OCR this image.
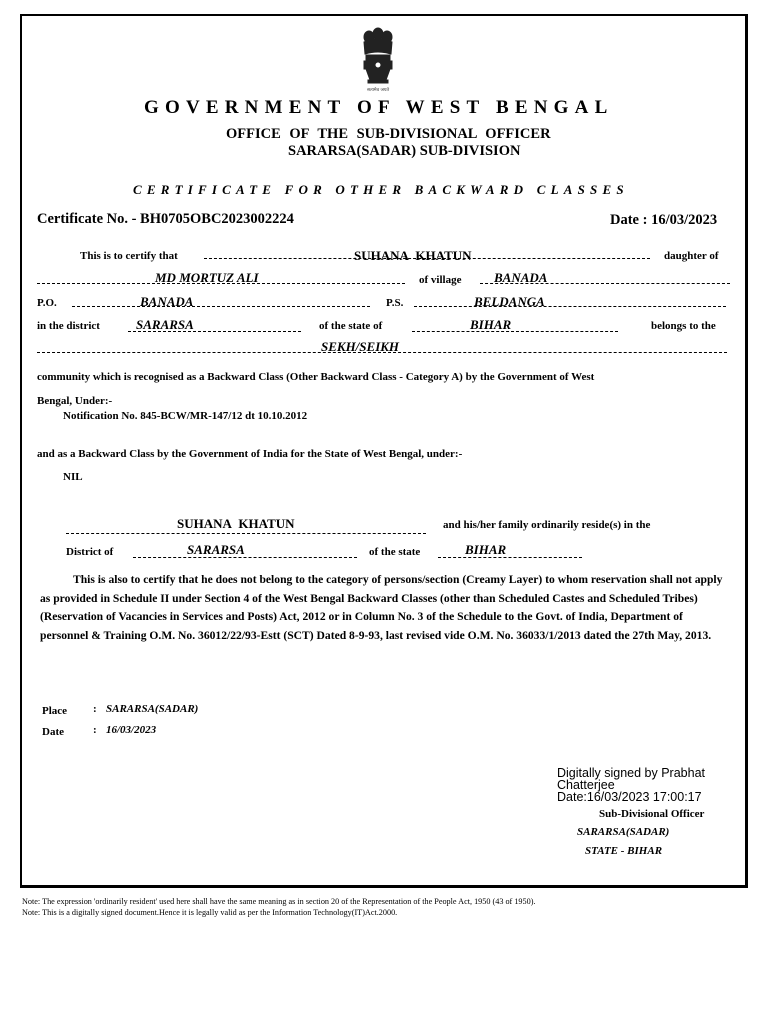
सत्यमेव जयते
GOVERNMENT OF WEST BENGAL
OFFICE OF THE SUB-DIVISIONAL OFFICER
SARARSA(SADAR) SUB-DIVISION
CERTIFICATE FOR OTHER BACKWARD CLASSES
Certificate No. - BH0705OBC2023002224	Date : 16/03/2023
This is to certify that	SUHANA KHATUN	daughter of
MD MORTUZ ALI	of village	BANADA
P.O.	BANADA	P.S.	BELDANGA
in the district	SARARSA	of the state of	BIHAR	belongs to the
SEKH/SEIKH
community which is recognised as a Backward Class (Other Backward Class - Category A) by the Government of West
Bengal, Under:-
Notification No. 845-BCW/MR-147/12 dt 10.10.2012
and as a Backward Class by the Government of India for the State of West Bengal, under:-
NIL
SUHANA KHATUN	and his/her family ordinarily reside(s) in the
District of	SARARSA	of the state	BIHAR
This is also to certify that he does not belong to the category of persons/section (Creamy Layer) to whom reservation shall not apply as provided in Schedule II under Section 4 of the West Bengal Backward Classes (other than Scheduled Castes and Scheduled Tribes) (Reservation of Vacancies in Services and Posts) Act, 2012 or in Column No. 3 of the Schedule to the Govt. of India, Department of personnel & Training O.M. No. 36012/22/93-Estt (SCT) Dated 8-9-93, last revised vide O.M. No. 36033/1/2013 dated the 27th May, 2013.
Place : SARARSA(SADAR)
Date	: 16/03/2023
Digitally signed by Prabhat
Chatterjee
Date:16/03/2023 17:00:17
Sub-Divisional Officer
SARARSA(SADAR)
STATE - BIHAR
Note: The expression 'ordinarily resident' used here shall have the same meaning as in section 20 of the Representation of the People Act, 1950 (43 of 1950).
Note: This is a digitally signed document.Hence it is legally valid as per the Information Technology(IT)Act.2000.
